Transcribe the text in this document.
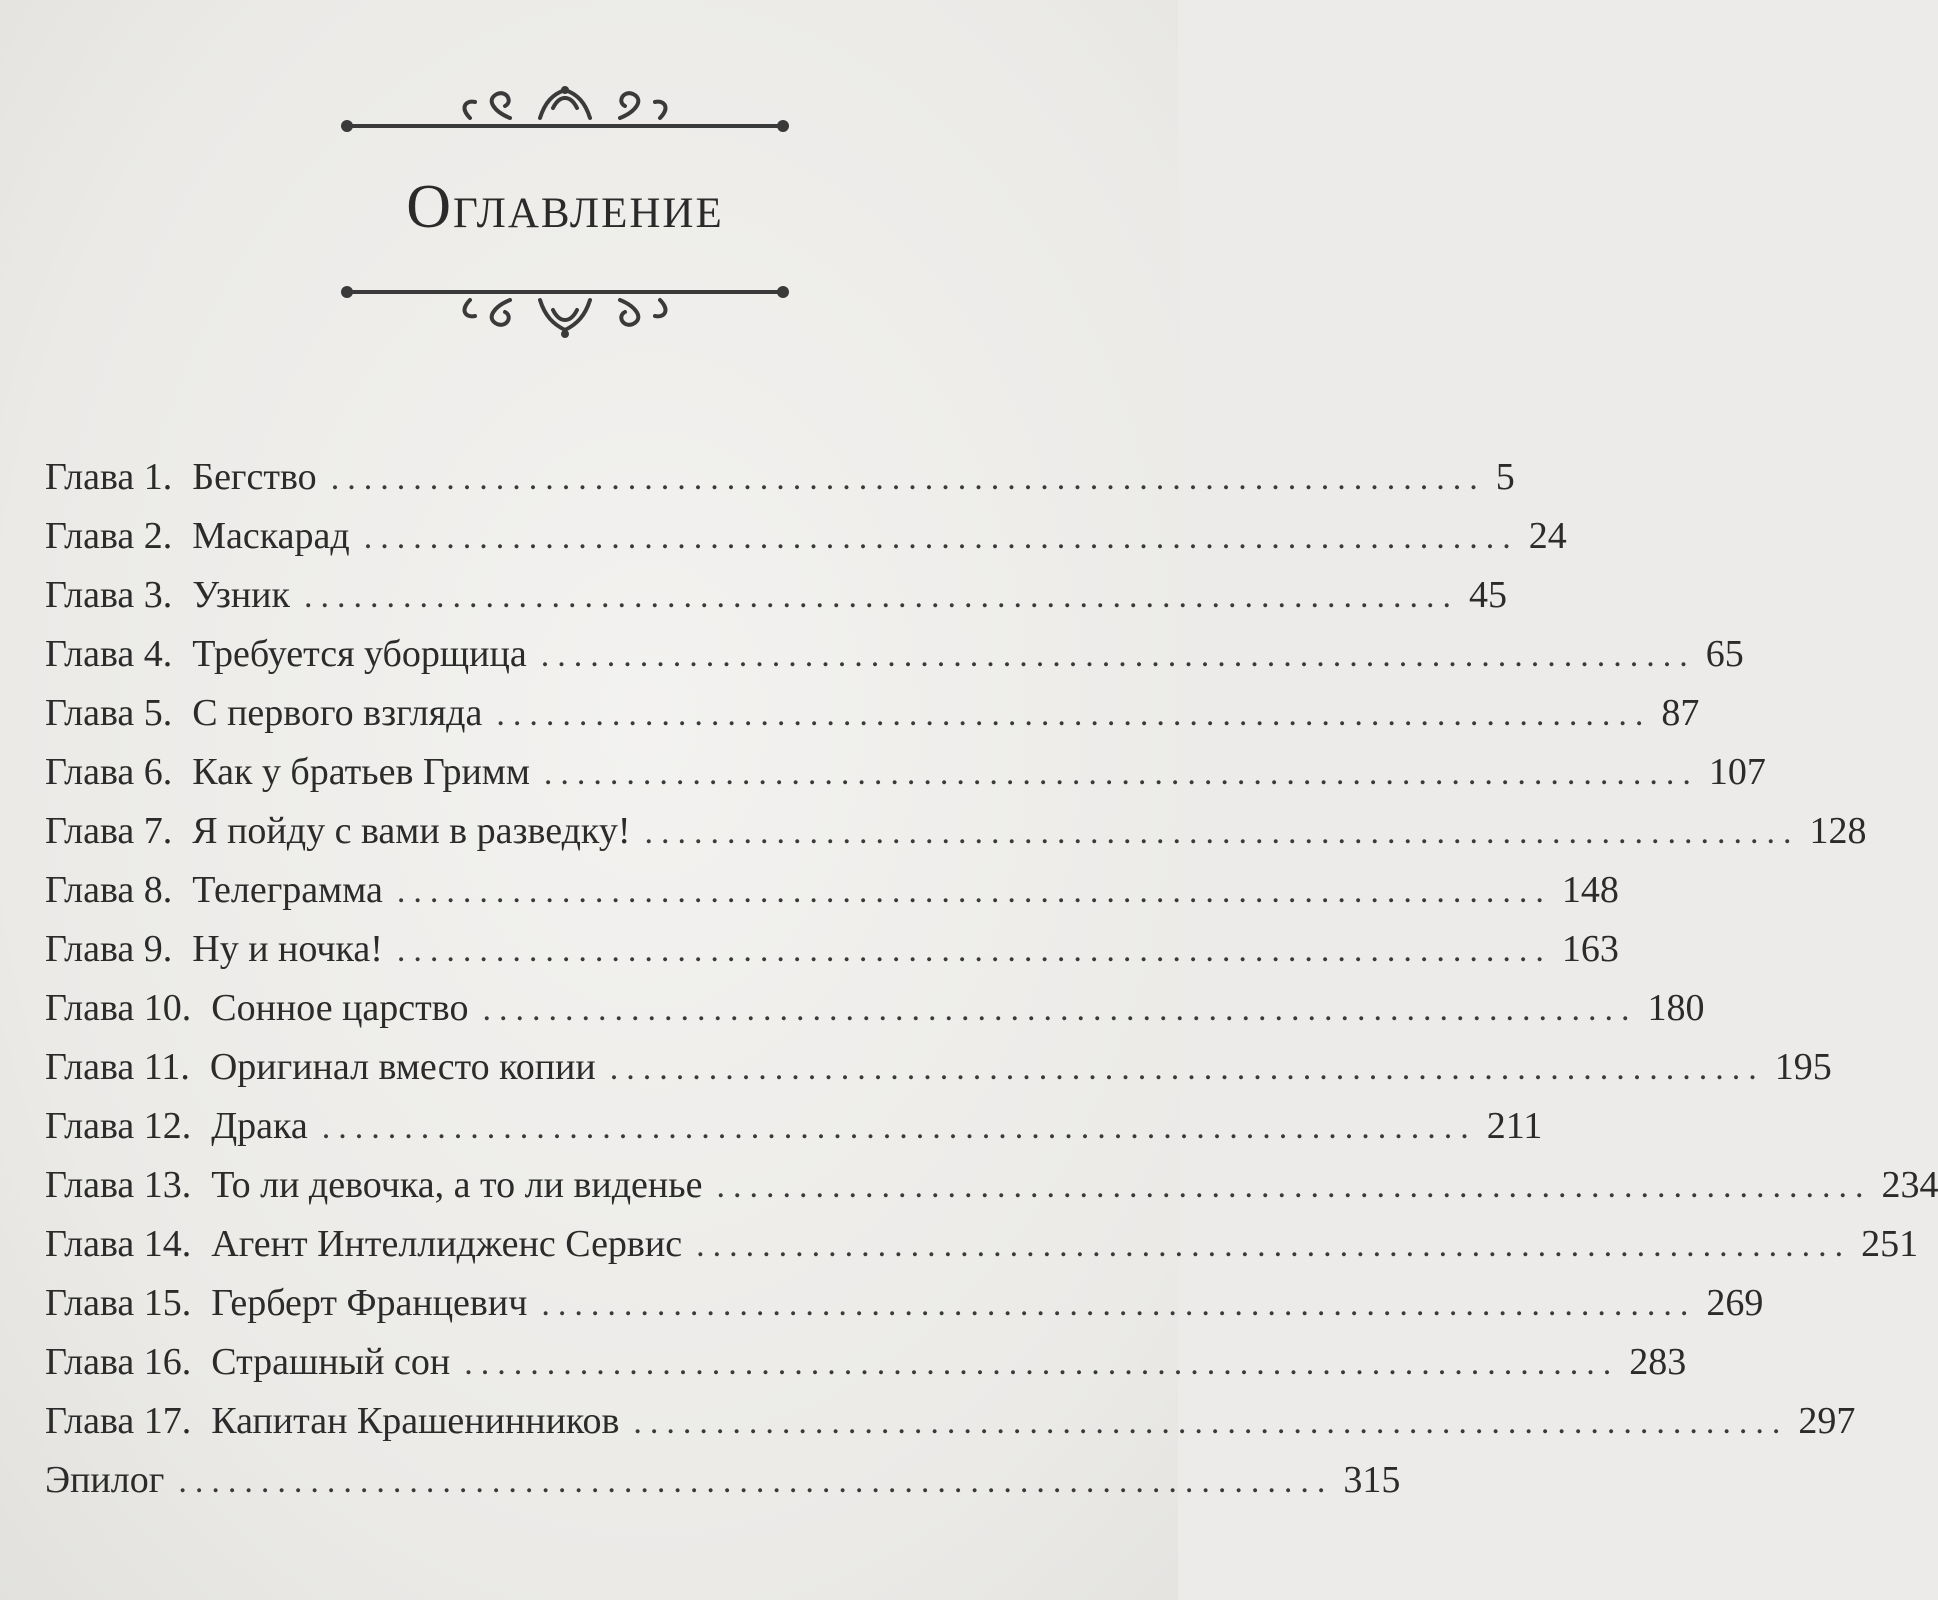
Оглавление
Глава 1. Бегство ...................................................................... 5
Глава 2. Маскарад ...................................................................... 24
Глава 3. Узник ...................................................................... 45
Глава 4. Требуется уборщица ...................................................................... 65
Глава 5. С первого взгляда ...................................................................... 87
Глава 6. Как у братьев Гримм ...................................................................... 107
Глава 7. Я пойду с вами в разведку! ...................................................................... 128
Глава 8. Телеграмма ...................................................................... 148
Глава 9. Ну и ночка! ...................................................................... 163
Глава 10. Сонное царство ...................................................................... 180
Глава 11. Оригинал вместо копии ...................................................................... 195
Глава 12. Драка ...................................................................... 211
Глава 13. То ли девочка, а то ли виденье ...................................................................... 234
Глава 14. Агент Интеллидженс Сервис ...................................................................... 251
Глава 15. Герберт Францевич ...................................................................... 269
Глава 16. Страшный сон ...................................................................... 283
Глава 17. Капитан Крашенинников ...................................................................... 297
Эпилог ...................................................................... 315
